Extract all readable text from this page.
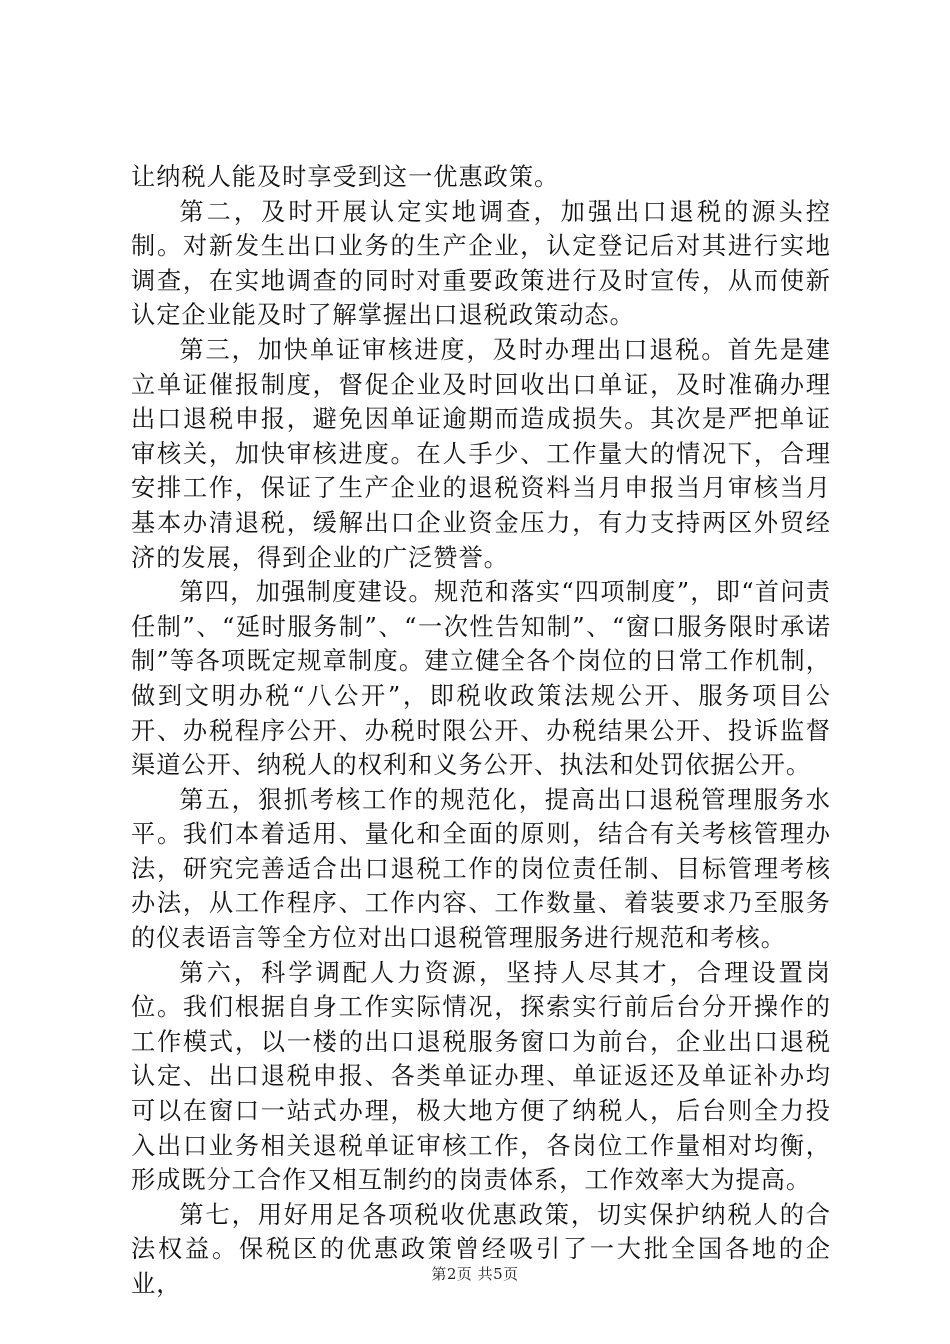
让纳税人能及时享受到这一优惠政策。

第二，及时开展认定实地调查，加强出口退税的源头控制。对新发生出口业务的生产企业，认定登记后对其进行实地调查，在实地调查的同时对重要政策进行及时宣传，从而使新认定企业能及时了解掌握出口退税政策动态。

第三，加快单证审核进度，及时办理出口退税。首先是建立单证催报制度，督促企业及时回收出口单证，及时准确办理出口退税申报，避免因单证逾期而造成损失。其次是严把单证审核关，加快审核进度。在人手少、工作量大的情况下，合理安排工作，保证了生产企业的退税资料当月申报当月审核当月基本办清退税，缓解出口企业资金压力，有力支持两区外贸经济的发展，得到企业的广泛赞誉。

第四，加强制度建设。规范和落实“四项制度”，即“首问责任制”、“延时服务制”、“一次性告知制”、“窗口服务限时承诺制”等各项既定规章制度。建立健全各个岗位的日常工作机制，做到文明办税“八公开”，即税收政策法规公开、服务项目公开、办税程序公开、办税时限公开、办税结果公开、投诉监督渠道公开、纳税人的权利和义务公开、执法和处罚依据公开。

第五，狠抓考核工作的规范化，提高出口退税管理服务水平。我们本着适用、量化和全面的原则，结合有关考核管理办法，研究完善适合出口退税工作的岗位责任制、目标管理考核办法，从工作程序、工作内容、工作数量、着装要求乃至服务的仪表语言等全方位对出口退税管理服务进行规范和考核。

第六，科学调配人力资源，坚持人尽其才，合理设置岗位。我们根据自身工作实际情况，探索实行前后台分开操作的工作模式，以一楼的出口退税服务窗口为前台，企业出口退税认定、出口退税申报、各类单证办理、单证返还及单证补办均可以在窗口一站式办理，极大地方便了纳税人，后台则全力投入出口业务相关退税单证审核工作，各岗位工作量相对均衡，形成既分工合作又相互制约的岗责体系，工作效率大为提高。

第七，用好用足各项税收优惠政策，切实保护纳税人的合法权益。保税区的优惠政策曾经吸引了一大批全国各地的企业，	第2页 共5页
